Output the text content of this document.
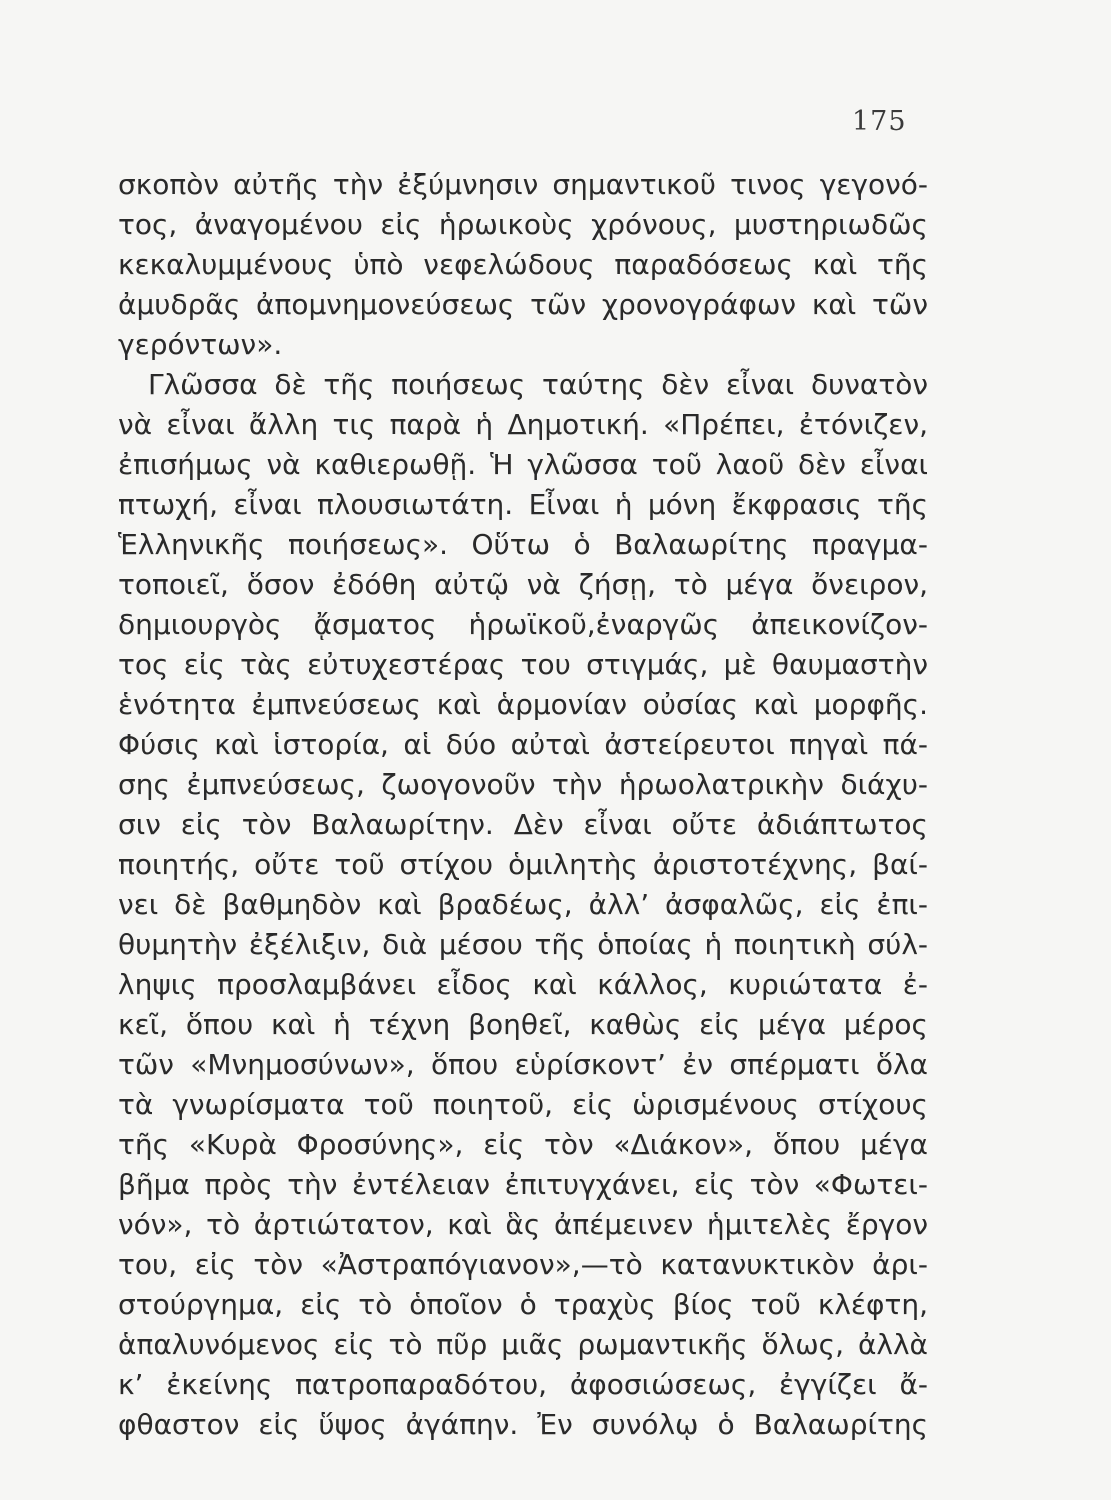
175
σκοπὸν αὐτῆς τὴν ἐξύμνησιν σημαντικοῦ τινος γεγονό-
τος, ἀναγομένου εἰς ἡρωικοὺς χρόνους, μυστηριωδῶς
κεκαλυμμένους ὑπὸ νεφελώδους παραδόσεως καὶ τῆς
ἀμυδρᾶς ἀπομνημονεύσεως τῶν χρονογράφων καὶ τῶν
γερόντων».
Γλῶσσα δὲ τῆς ποιήσεως ταύτης δὲν εἶναι δυνατὸν
νὰ εἶναι ἄλλη τις παρὰ ἡ Δημοτική. «Πρέπει, ἐτόνιζεν,
ἐπισήμως νὰ καθιερωθῇ. Ἡ γλῶσσα τοῦ λαοῦ δὲν εἶναι
πτωχή, εἶναι πλουσιωτάτη. Εἶναι ἡ μόνη ἔκφρασις τῆς
Ἑλληνικῆς ποιήσεως». Οὕτω ὁ Βαλαωρίτης πραγμα-
τοποιεῖ, ὅσον ἐδόθη αὐτῷ νὰ ζήσῃ, τὸ μέγα ὄνειρον,
δημιουργὸς ᾄσματος ἡρωϊκοῦ,ἐναργῶς ἀπεικονίζον-
τος εἰς τὰς εὐτυχεστέρας του στιγμάς, μὲ θαυμαστὴν
ἑνότητα ἐμπνεύσεως καὶ ἁρμονίαν οὐσίας καὶ μορφῆς.
Φύσις καὶ ἱστορία, αἱ δύο αὐταὶ ἀστείρευτοι πηγαὶ πά-
σης ἐμπνεύσεως, ζωογονοῦν τὴν ἡρωολατρικὴν διάχυ-
σιν εἰς τὸν Βαλαωρίτην. Δὲν εἶναι οὔτε ἀδιάπτωτος
ποιητής, οὔτε τοῦ στίχου ὁμιλητὴς ἀριστοτέχνης, βαί-
νει δὲ βαθμηδὸν καὶ βραδέως, ἀλλ’ ἀσφαλῶς, εἰς ἐπι-
θυμητὴν ἐξέλιξιν, διὰ μέσου τῆς ὁποίας ἡ ποιητικὴ σύλ-
ληψις προσλαμβάνει εἶδος καὶ κάλλος, κυριώτατα ἐ-
κεῖ, ὅπου καὶ ἡ τέχνη βοηθεῖ, καθὼς εἰς μέγα μέρος
τῶν «Μνημοσύνων», ὅπου εὑρίσκοντ’ ἐν σπέρματι ὅλα
τὰ γνωρίσματα τοῦ ποιητοῦ, εἰς ὡρισμένους στίχους
τῆς «Κυρὰ Φροσύνης», εἰς τὸν «Διάκον», ὅπου μέγα
βῆμα πρὸς τὴν ἐντέλειαν ἐπιτυγχάνει, εἰς τὸν «Φωτει-
νόν», τὸ ἀρτιώτατον, καὶ ἃς ἀπέμεινεν ἡμιτελὲς ἔργον
του, εἰς τὸν «Ἀστραπόγιανον»,—τὸ κατανυκτικὸν ἀρι-
στούργημα, εἰς τὸ ὁποῖον ὁ τραχὺς βίος τοῦ κλέφτη,
ἁπαλυνόμενος εἰς τὸ πῦρ μιᾶς ρωμαντικῆς ὅλως, ἀλλὰ
κ’ ἐκείνης πατροπαραδότου, ἀφοσιώσεως, ἐγγίζει ἄ-
φθαστον εἰς ὕψος ἀγάπην. Ἐν συνόλῳ ὁ Βαλαωρίτης
